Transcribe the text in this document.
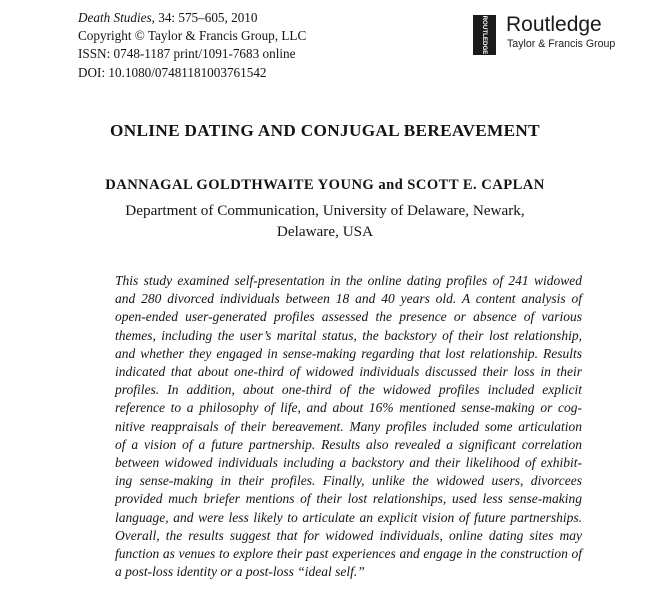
Death Studies, 34: 575–605, 2010
Copyright © Taylor & Francis Group, LLC
ISSN: 0748-1187 print/1091-7683 online
DOI: 10.1080/07481181003761542
ROUTLEDGE Routledge
Taylor & Francis Group
ONLINE DATING AND CONJUGAL BEREAVEMENT
DANNAGAL GOLDTHWAITE YOUNG and SCOTT E. CAPLAN
Department of Communication, University of Delaware, Newark,
Delaware, USA
This study examined self-presentation in the online dating profiles of 241 widowed
and 280 divorced individuals between 18 and 40 years old. A content analysis of
open-ended user-generated profiles assessed the presence or absence of various
themes, including the user’s marital status, the backstory of their lost relationship,
and whether they engaged in sense-making regarding that lost relationship. Results
indicated that about one-third of widowed individuals discussed their loss in their
profiles. In addition, about one-third of the widowed profiles included explicit
reference to a philosophy of life, and about 16% mentioned sense-making or cog-
nitive reappraisals of their bereavement. Many profiles included some articulation
of a vision of a future partnership. Results also revealed a significant correlation
between widowed individuals including a backstory and their likelihood of exhibit-
ing sense-making in their profiles. Finally, unlike the widowed users, divorcees
provided much briefer mentions of their lost relationships, used less sense-making
language, and were less likely to articulate an explicit vision of future partnerships.
Overall, the results suggest that for widowed individuals, online dating sites may
function as venues to explore their past experiences and engage in the construction of
a post-loss identity or a post-loss “ideal self.”
